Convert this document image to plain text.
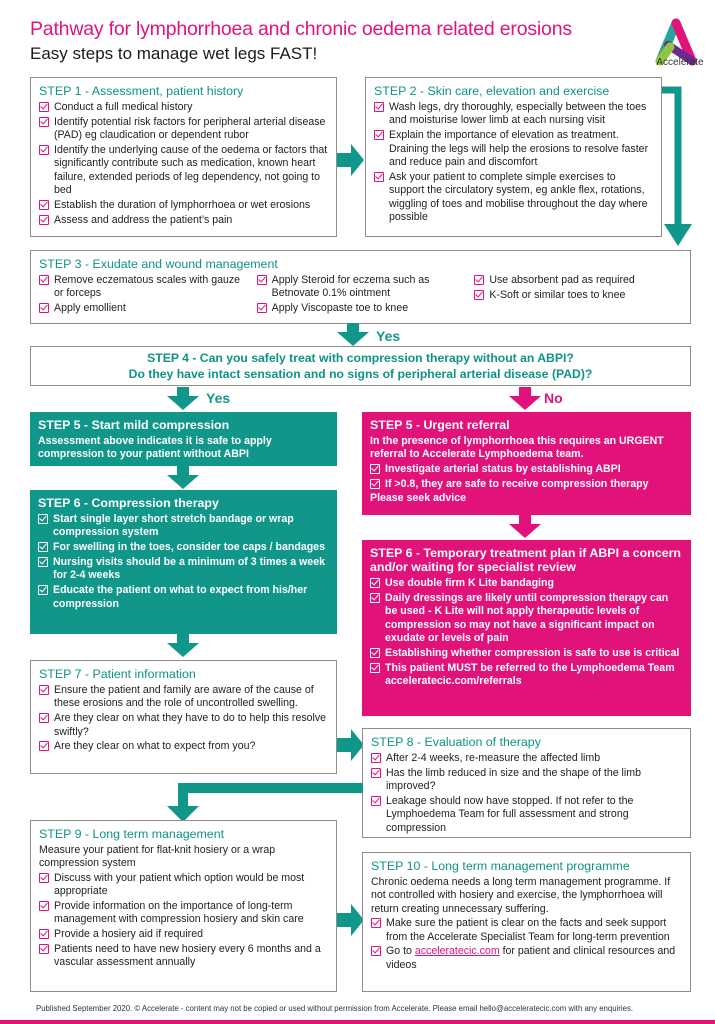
Pathway for lymphorrhoea and chronic oedema related erosions
Easy steps to manage wet legs FAST!	Accelerate
STEP 1 - Assessment, patient history
Conduct a full medical history
Identify potential risk factors for peripheral arterial disease (PAD) eg claudication or dependent rubor
Identify the underlying cause of the oedema or factors that significantly contribute such as medication, known heart failure, extended periods of leg dependency, not going to bed
Establish the duration of lymphorrhoea or wet erosions
Assess and address the patient’s pain
STEP 2 - Skin care, elevation and exercise
Wash legs, dry thoroughly, especially between the toes and moisturise lower limb at each nursing visit
Explain the importance of elevation as treatment. Draining the legs will help the erosions to resolve faster and reduce pain and discomfort
Ask your patient to complete simple exercises to support the circulatory system, eg ankle flex, rotations, wiggling of toes and mobilise throughout the day where possible
STEP 3 - Exudate and wound management
Remove eczematous scales with gauze or forceps
Apply emollient
Apply Steroid for eczema such as Betnovate 0.1% ointment
Apply Viscopaste toe to knee
Use absorbent pad as required
K-Soft or similar toes to knee
Yes
STEP 4 - Can you safely treat with compression therapy without an ABPI?
Do they have intact sensation and no signs of peripheral arterial disease (PAD)?
Yes	No
STEP 5 - Start mild compression
Assessment above indicates it is safe to apply compression to your patient without ABPI
STEP 5 - Urgent referral
In the presence of lymphorrhoea this requires an URGENT referral to Accelerate Lymphoedema team.
Investigate arterial status by establishing ABPI
If >0.8, they are safe to receive compression therapy
Please seek advice
STEP 6 - Compression therapy
Start single layer short stretch bandage or wrap compression system
For swelling in the toes, consider toe caps / bandages
Nursing visits should be a minimum of 3 times a week for 2-4 weeks
Educate the patient on what to expect from his/her compression
STEP 6 - Temporary treatment plan if ABPI a concern and/or waiting for specialist review
Use double firm K Lite bandaging
Daily dressings are likely until compression therapy can be used - K Lite will not apply therapeutic levels of compression so may not have a significant impact on exudate or levels of pain
Establishing whether compression is safe to use is critical
This patient MUST be referred to the Lymphoedema Team acceleratecic.com/referrals
STEP 7 - Patient information
Ensure the patient and family are aware of the cause of these erosions and the role of uncontrolled swelling.
Are they clear on what they have to do to help this resolve swiftly?
Are they clear on what to expect from you?	STEP 8 - Evaluation of therapy
After 2-4 weeks, re-measure the affected limb
Has the limb reduced in size and the shape of the limb improved?
Leakage should now have stopped. If not refer to the Lymphoedema Team for full assessment and strong compression
STEP 9 - Long term management
Measure your patient for flat-knit hosiery or a wrap compression system
Discuss with your patient which option would be most appropriate
Provide information on the importance of long-term management with compression hosiery and skin care
Provide a hosiery aid if required
Patients need to have new hosiery every 6 months and a vascular assessment annually
STEP 10 - Long term management programme
Chronic oedema needs a long term management programme. If not controlled with hosiery and exercise, the lymphorrhoea will return creating unnecessary suffering.
Make sure the patient is clear on the facts and seek support from the Accelerate Specialist Team for long-term prevention
Go to acceleratecic.com for patient and clinical resources and videos
Published September 2020. © Accelerate - content may not be copied or used without permission from Accelerate. Please email hello@acceleratecic.com with any enquiries.
